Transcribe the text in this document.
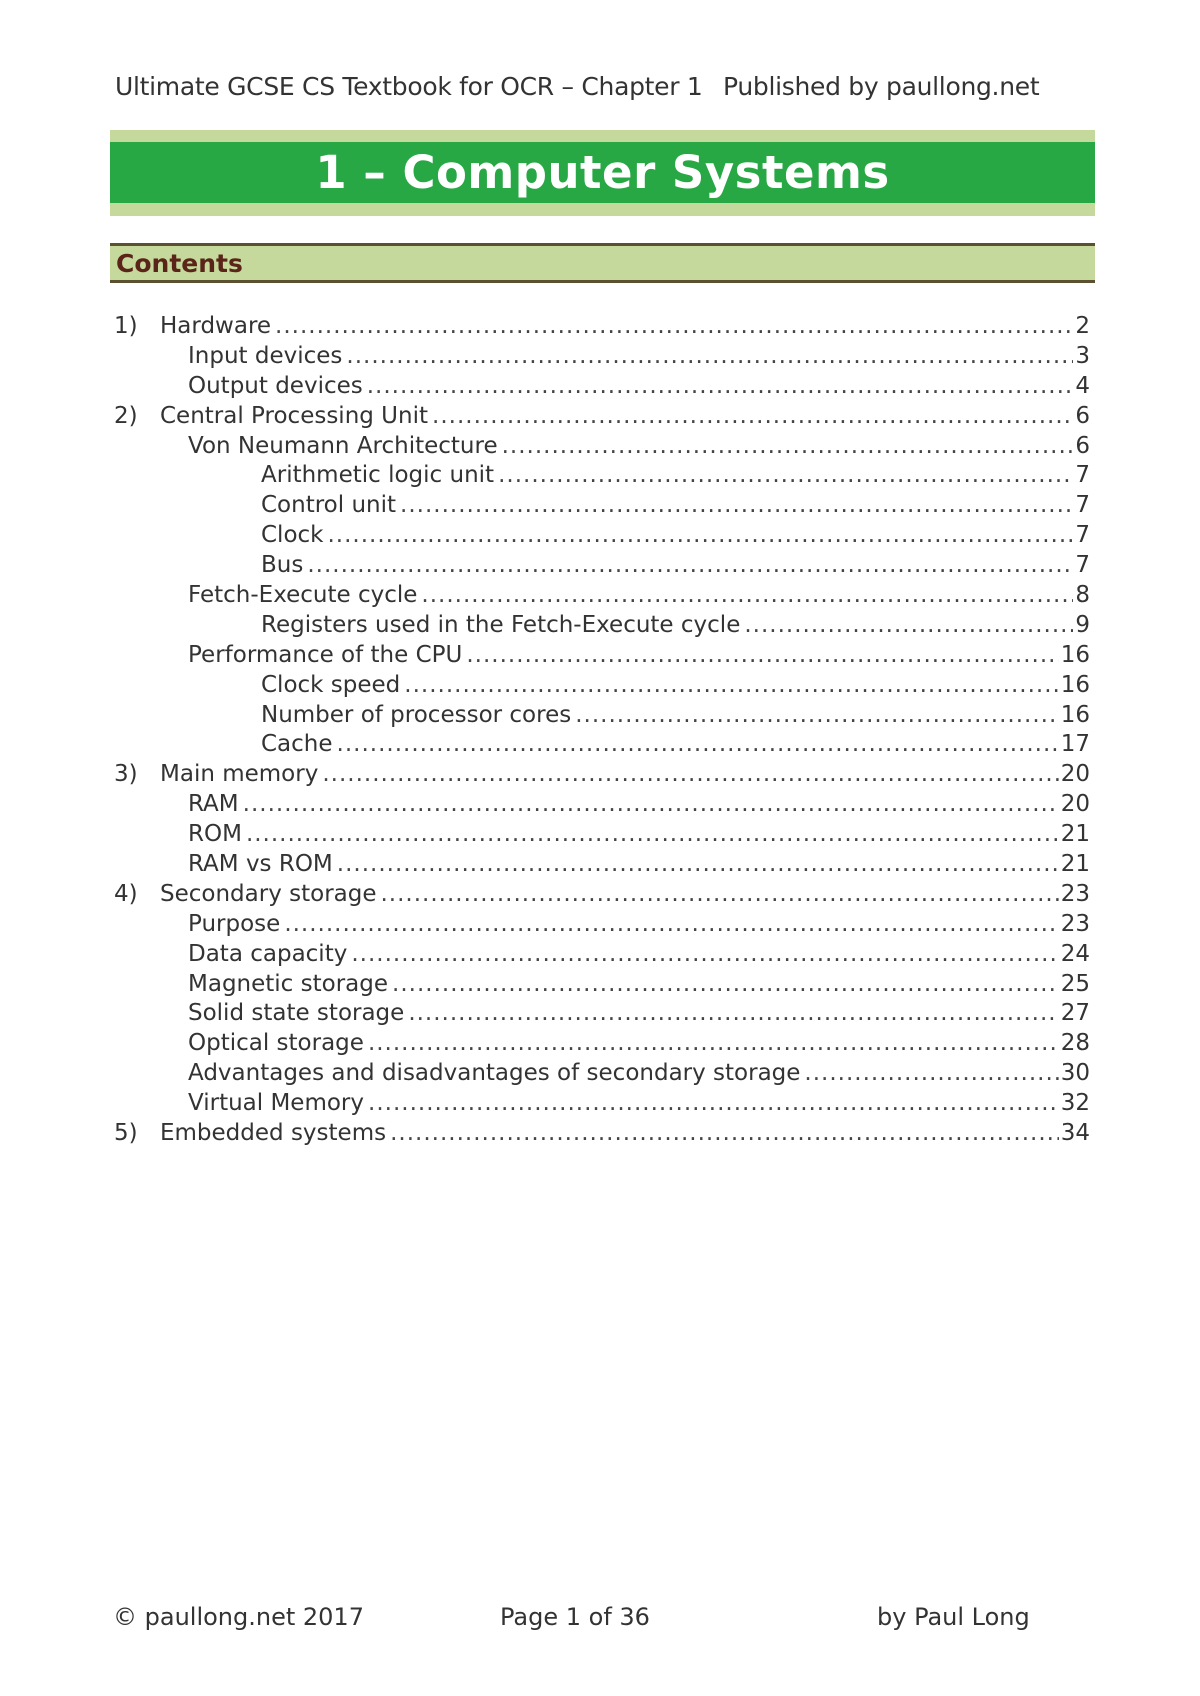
Ultimate GCSE CS Textbook for OCR – Chapter 1 Published by paullong.net
1 – Computer Systems
Contents
1) Hardware .....	2
Input devices .....	3
Output devices .....	4
2) Central Processing Unit .....	6
Von Neumann Architecture .....	6
Arithmetic logic unit .....	7
Control unit .....	7
Clock .....	7
Bus .....	7
Fetch-Execute cycle .....	8
Registers used in the Fetch-Execute cycle .....	9
Performance of the CPU .....	16
Clock speed .....	16
Number of processor cores .....	16
Cache .....	17
3) Main memory .....	20
RAM .....	20
ROM .....	21
RAM vs ROM .....	21
4) Secondary storage .....	23
Purpose .....	23
Data capacity .....	24
Magnetic storage .....	25
Solid state storage .....	27
Optical storage .....	28
Advantages and disadvantages of secondary storage .....	30
Virtual Memory .....	32
5) Embedded systems .....	34
© paullong.net 2017	Page 1 of 36	by Paul Long
